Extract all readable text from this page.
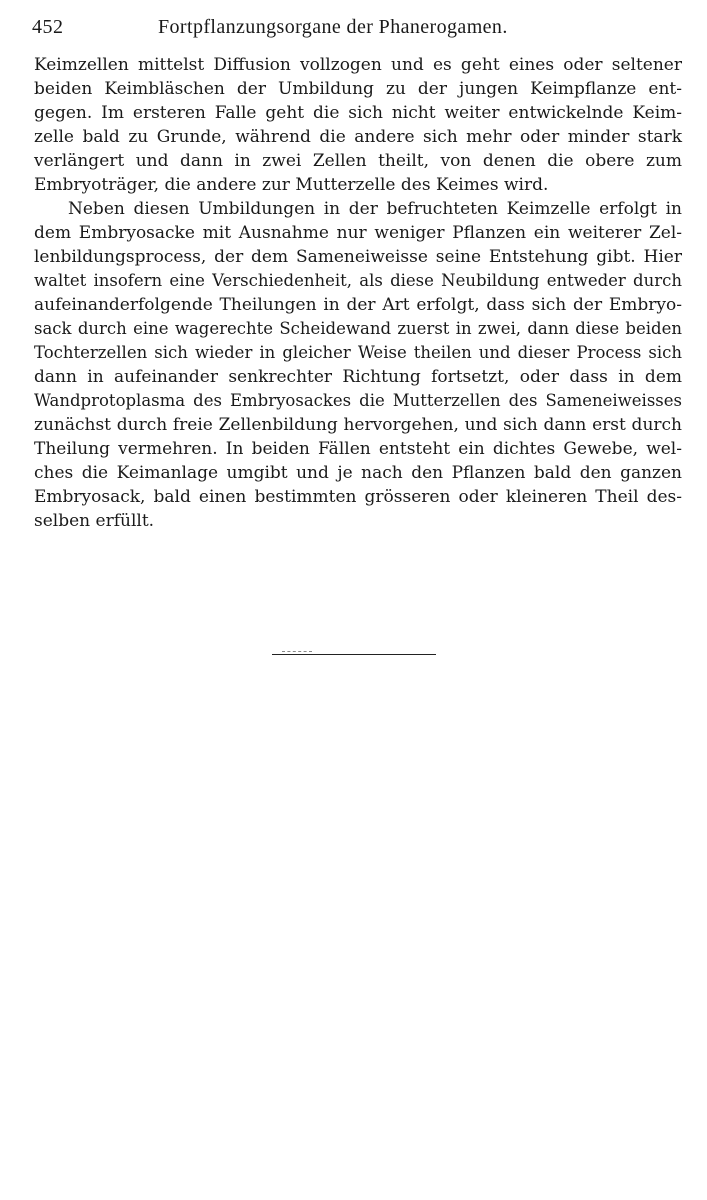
452	Fortpflanzungsorgane der Phanerogamen.
Keimzellen mittelst Diffusion vollzogen und es geht eines oder seltener
beiden Keimbläschen der Umbildung zu der jungen Keimpflanze ent-
gegen. Im ersteren Falle geht die sich nicht weiter entwickelnde Keim-
zelle bald zu Grunde, während die andere sich mehr oder minder stark
verlängert und dann in zwei Zellen theilt, von denen die obere zum
Embryoträger, die andere zur Mutterzelle des Keimes wird.
Neben diesen Umbildungen in der befruchteten Keimzelle erfolgt in
dem Embryosacke mit Ausnahme nur weniger Pflanzen ein weiterer Zel-
lenbildungsprocess, der dem Sameneiweisse seine Entstehung gibt. Hier
waltet insofern eine Verschiedenheit, als diese Neubildung entweder durch
aufeinanderfolgende Theilungen in der Art erfolgt, dass sich der Embryo-
sack durch eine wagerechte Scheidewand zuerst in zwei, dann diese beiden
Tochterzellen sich wieder in gleicher Weise theilen und dieser Process sich
dann in aufeinander senkrechter Richtung fortsetzt, oder dass in dem
Wandprotoplasma des Embryosackes die Mutterzellen des Sameneiweisses
zunächst durch freie Zellenbildung hervorgehen, und sich dann erst durch
Theilung vermehren. In beiden Fällen entsteht ein dichtes Gewebe, wel-
ches die Keimanlage umgibt und je nach den Pflanzen bald den ganzen
Embryosack, bald einen bestimmten grösseren oder kleineren Theil des-
selben erfüllt.
